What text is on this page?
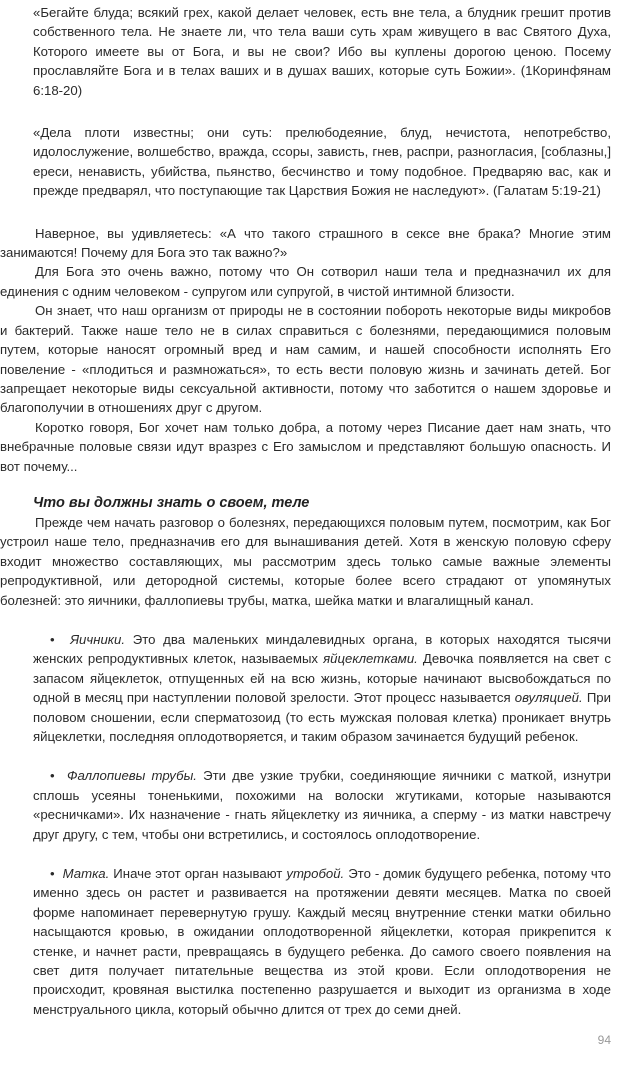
«Бегайте блуда; всякий грех, какой делает человек, есть вне тела, а блудник грешит против собственного тела. Не знаете ли, что тела ваши суть храм живущего в вас Святого Духа, Которого имеете вы от Бога, и вы не свои? Ибо вы куплены дорогою ценою. Посему прославляйте Бога и в телах ваших и в душах ваших, которые суть Божии». (1Коринфянам 6:18-20)

«Дела плоти известны; они суть: прелюбодеяние, блуд, нечистота, непотребство, идолослужение, волшебство, вражда, ссоры, зависть, гнев, распри, разногласия, [соблазны,] ереси, ненависть, убийства, пьянство, бесчинство и тому подобное. Предваряю вас, как и прежде предварял, что поступающие так Царствия Божия не наследуют». (Галатам 5:19-21)

Наверное, вы удивляетесь: «А что такого страшного в сексе вне брака? Многие этим занимаются! Почему для Бога это так важно?»

Для Бога это очень важно, потому что Он сотворил наши тела и предназначил их для единения с одним человеком - супругом или супругой, в чистой интимной близости.

Он знает, что наш организм от природы не в состоянии побороть некоторые виды микробов и бактерий. Также наше тело не в силах справиться с болезнями, передающимися половым путем, которые наносят огромный вред и нам самим, и нашей способности исполнять Его повеление - «плодиться и размножаться», то есть вести половую жизнь и зачинать детей. Бог запрещает некоторые виды сексуальной активности, потому что заботится о нашем здоровье и благополучии в отношениях друг с другом.

Коротко говоря, Бог хочет нам только добра, а потому через Писание дает нам знать, что внебрачные половые связи идут вразрез с Его замыслом и представляют большую опасность. И вот почему...

Что вы должны знать о своем, теле

Прежде чем начать разговор о болезнях, передающихся половым путем, посмотрим, как Бог устроил наше тело, предназначив его для вынашивания детей. Хотя в женскую половую сферу входит множество составляющих, мы рассмотрим здесь только самые важные элементы репродуктивной, или детородной системы, которые более всего страдают от упомянутых болезней: это яичники, фаллопиевы трубы, матка, шейка матки и влагалищный канал.

• Яичники. Это два маленьких миндалевидных органа, в которых находятся тысячи женских репродуктивных клеток, называемых яйцеклетками. Девочка появляется на свет с запасом яйцеклеток, отпущенных ей на всю жизнь, которые начинают высвобождаться по одной в месяц при наступлении половой зрелости. Этот процесс называется овуляцией. При половом сношении, если сперматозоид (то есть мужская половая клетка) проникает внутрь яйцеклетки, последняя оплодотворяется, и таким образом зачинается будущий ребенок.

• Фаллопиевы трубы. Эти две узкие трубки, соединяющие яичники с маткой, изнутри сплошь усеяны тоненькими, похожими на волоски жгутиками, которые называются «ресничками». Их назначение - гнать яйцеклетку из яичника, а сперму - из матки навстречу друг другу, с тем, чтобы они встретились, и состоялось оплодотворение.

• Матка. Иначе этот орган называют утробой. Это - домик будущего ребенка, потому что именно здесь он растет и развивается на протяжении девяти месяцев. Матка по своей форме напоминает перевернутую грушу. Каждый месяц внутренние стенки матки обильно насыщаются кровью, в ожидании оплодотворенной яйцеклетки, которая прикрепится к стенке, и начнет расти, превращаясь в будущего ребенка. До самого своего появления на свет дитя получает питательные вещества из этой крови. Если оплодотворения не происходит, кровяная выстилка постепенно разрушается и выходит из организма в ходе менструального цикла, который обычно длится от трех до семи дней.

94
